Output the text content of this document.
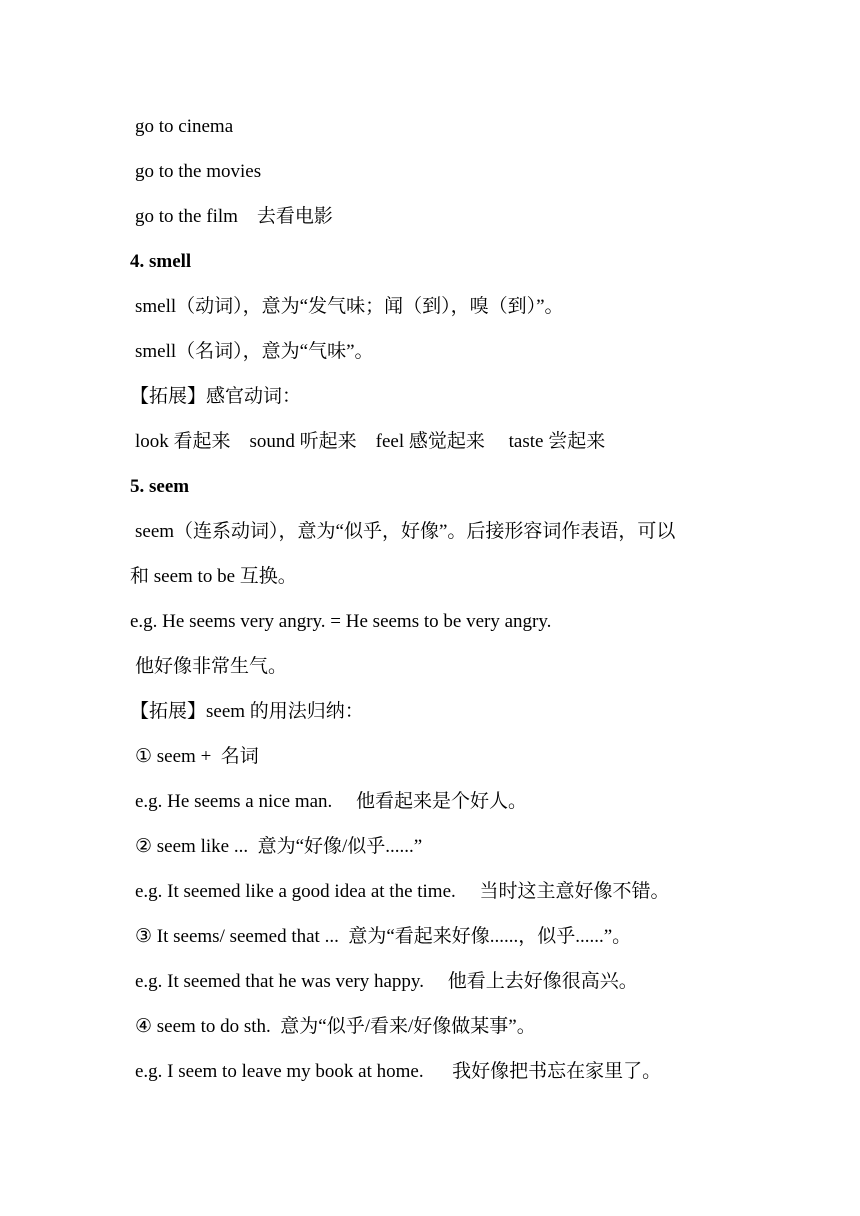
go to cinema
go to the movies
go to the film    去看电影
4. smell
smell（动词），意为“发气味；闻（到），嗅（到）”。
smell（名词），意为“气味”。
【拓展】感官动词：
look 看起来    sound 听起来    feel 感觉起来     taste 尝起来
5. seem
seem（连系动词），意为“似乎，好像”。后接形容词作表语，可以
和 seem to be 互换。
e.g. He seems very angry. = He seems to be very angry.
他好像非常生气。
【拓展】seem 的用法归纳：
① seem +  名词
e.g. He seems a nice man.     他看起来是个好人。
② seem like ...  意为“好像/似乎......”
e.g. It seemed like a good idea at the time.     当时这主意好像不错。
③ It seems/ seemed that ...  意为“看起来好像......，似乎......”。
e.g. It seemed that he was very happy.     他看上去好像很高兴。
④ seem to do sth.  意为“似乎/看来/好像做某事”。
e.g. I seem to leave my book at home.      我好像把书忘在家里了。
